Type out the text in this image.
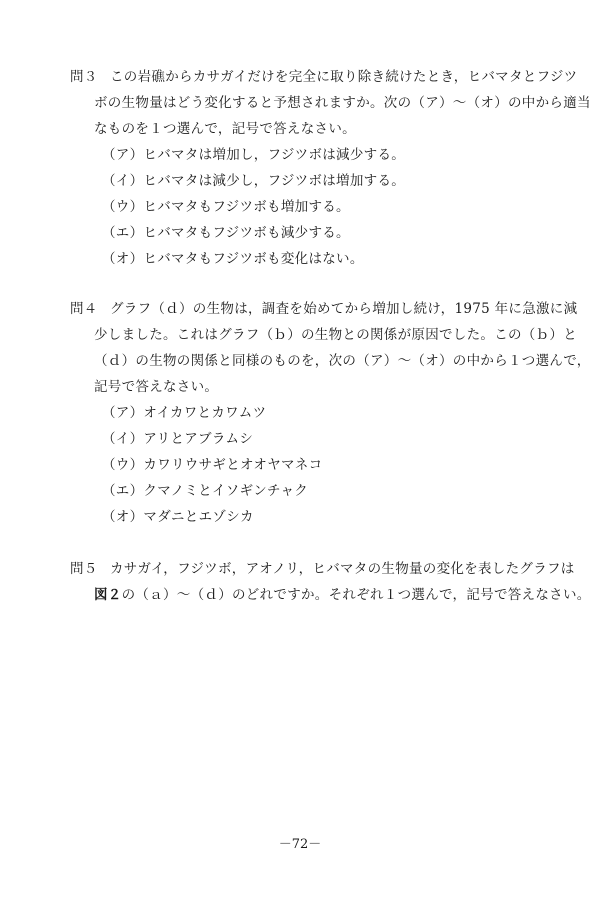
問３ この岩礁からカサガイだけを完全に取り除き続けたとき，ヒバマタとフジツ
ボの生物量はどう変化すると予想されますか。次の（ア）～（オ）の中から適当
なものを１つ選んで，記号で答えなさい。
（ア）ヒバマタは増加し，フジツボは減少する。
（イ）ヒバマタは減少し，フジツボは増加する。
（ウ）ヒバマタもフジツボも増加する。
（エ）ヒバマタもフジツボも減少する。
（オ）ヒバマタもフジツボも変化はない。
問４ グラフ（ｄ）の生物は，調査を始めてから増加し続け，1975 年に急激に減
少しました。これはグラフ（ｂ）の生物との関係が原因でした。この（ｂ）と
（ｄ）の生物の関係と同様のものを，次の（ア）～（オ）の中から１つ選んで，
記号で答えなさい。
（ア）オイカワとカワムツ
（イ）アリとアブラムシ
（ウ）カワリウサギとオオヤマネコ
（エ）クマノミとイソギンチャク
（オ）マダニとエゾシカ
問５ カサガイ，フジツボ，アオノリ，ヒバマタの生物量の変化を表したグラフは
図２の（ａ）～（ｄ）のどれですか。それぞれ１つ選んで，記号で答えなさい。
－72－
